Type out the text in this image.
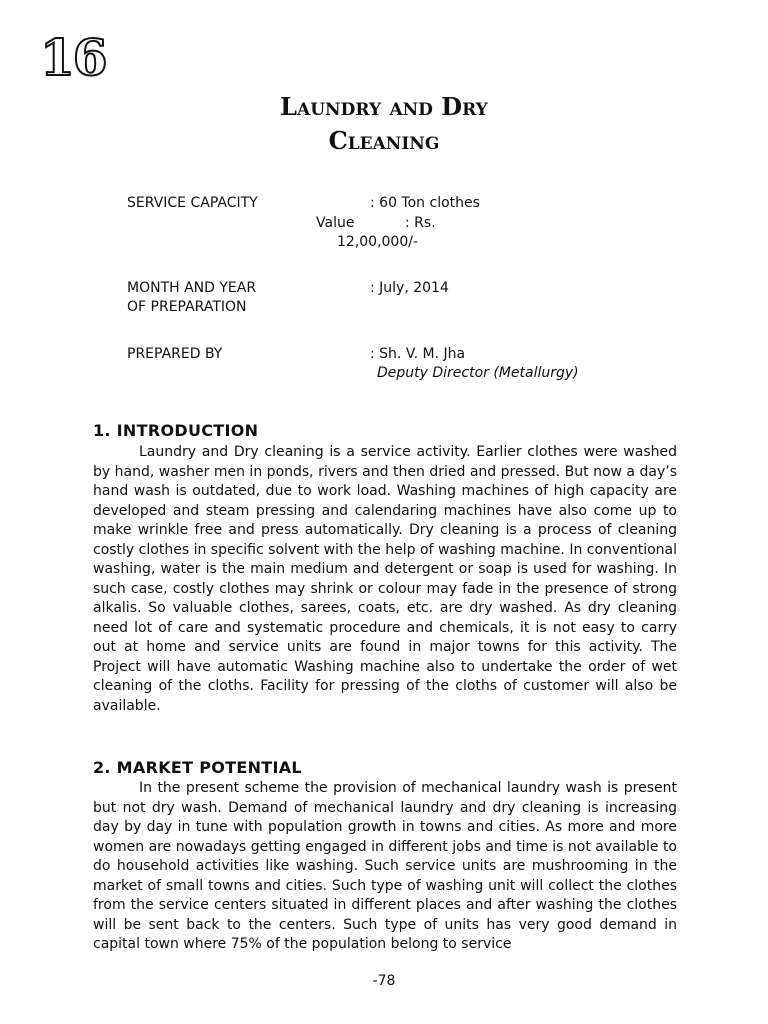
16
Laundry and Dry
Cleaning
SERVICE CAPACITY	: 60 Ton clothes
Value	: Rs.
12,00,000/-
MONTH AND YEAR
OF PREPARATION
: July, 2014
PREPARED BY	: Sh. V. M. Jha
Deputy Director (Metallurgy)
1. INTRODUCTION

Laundry and Dry cleaning is a service activity. Earlier clothes were washed by hand, washer men in ponds, rivers and then dried and pressed. But now a day’s hand wash is outdated, due to work load. Washing machines of high capacity are developed and steam pressing and calendaring machines have also come up to make wrinkle free and press automatically. Dry cleaning is a process of cleaning costly clothes in specific solvent with the help of washing machine. In conventional washing, water is the main medium and detergent or soap is used for washing. In such case, costly clothes may shrink or colour may fade in the presence of strong alkalis. So valuable clothes, sarees, coats, etc. are dry washed. As dry cleaning need lot of care and systematic procedure and chemicals, it is not easy to carry out at home and service units are found in major towns for this activity. The Project will have automatic Washing machine also to undertake the order of wet cleaning of the cloths. Facility for pressing of the cloths of customer will also be available.

2. MARKET POTENTIAL

In the present scheme the provision of mechanical laundry wash is present but not dry wash. Demand of mechanical laundry and dry cleaning is increasing day by day in tune with population growth in towns and cities. As more and more women are nowadays getting engaged in different jobs and time is not available to do household activities like washing. Such service units are mushrooming in the market of small towns and cities. Such type of washing unit will collect the clothes from the service centers situated in different places and after washing the clothes will be sent back to the centers. Such type of units has very good demand in capital town where 75% of the population belong to service

-78
